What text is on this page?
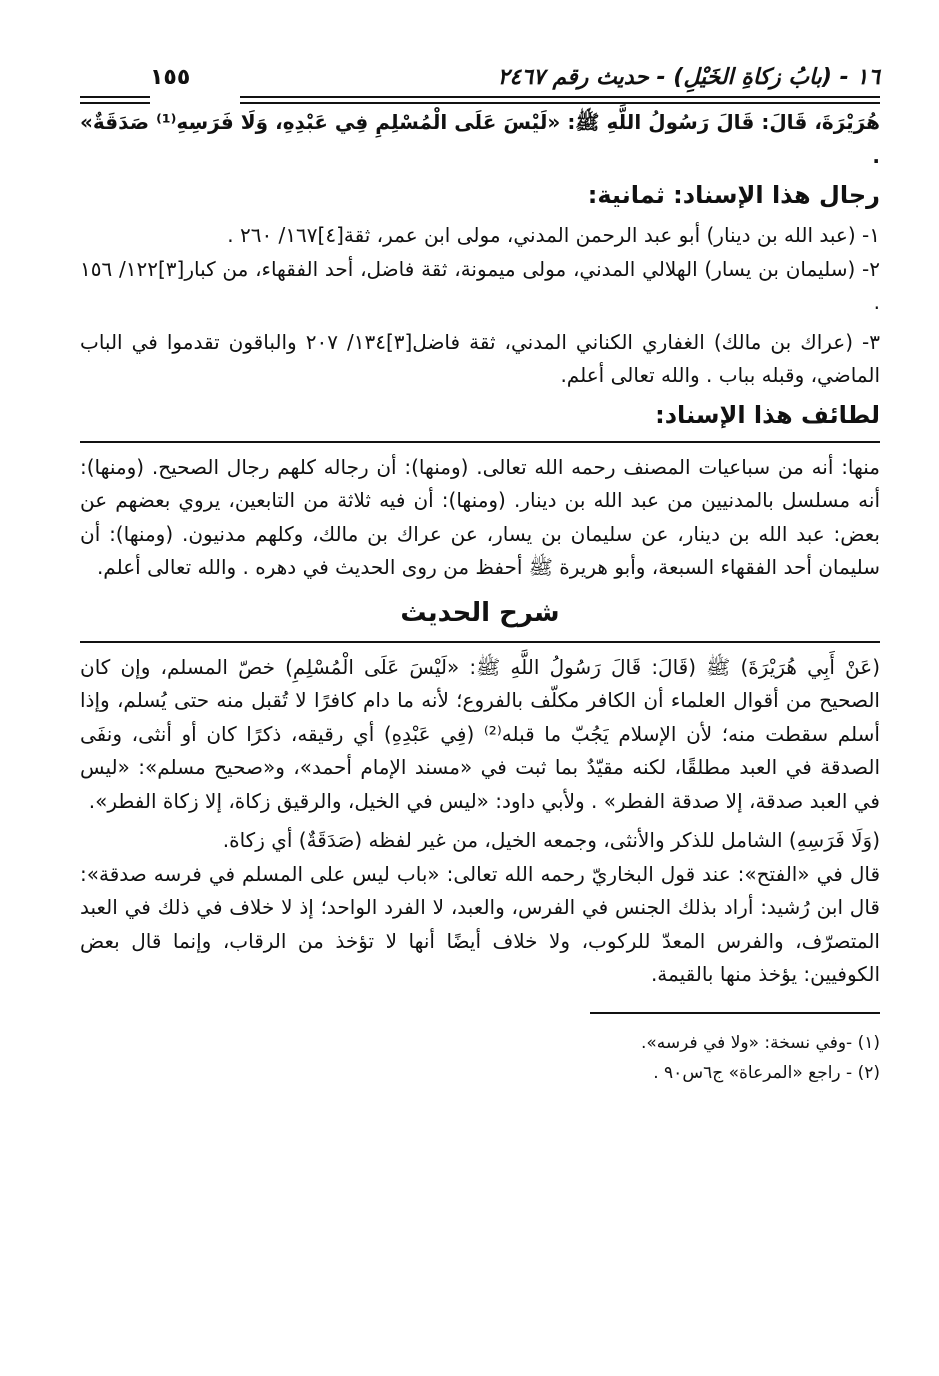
١٦ - (بابُ زكاةِ الخَيْلِ) - حديث رقم ٢٤٦٧
١٥٥

هُرَيْرَةَ، قَالَ: قَالَ رَسُولُ اللَّهِ ﷺ: «لَيْسَ عَلَى الْمُسْلِمِ فِي عَبْدِهِ، وَلَا فَرَسِهِ⁽¹⁾ صَدَقَةٌ» .

رجال هذا الإسناد: ثمانية:

١- (عبد الله بن دينار) أبو عبد الرحمن المدني، مولى ابن عمر، ثقة[٤]١٦٧/ ٢٦٠ .

٢- (سليمان بن يسار) الهلالي المدني، مولى ميمونة، ثقة فاضل، أحد الفقهاء، من كبار[٣]١٢٢/ ١٥٦ .

٣- (عراك بن مالك) الغفاري الكناني المدني، ثقة فاضل[٣]١٣٤/ ٢٠٧ والباقون تقدموا في الباب الماضي، وقبله بباب . والله تعالى أعلم.

لطائف هذا الإسناد:

منها: أنه من سباعيات المصنف رحمه الله تعالى. (ومنها): أن رجاله كلهم رجال الصحيح. (ومنها): أنه مسلسل بالمدنيين من عبد الله بن دينار. (ومنها): أن فيه ثلاثة من التابعين، يروي بعضهم عن بعض: عبد الله بن دينار، عن سليمان بن يسار، عن عراك بن مالك، وكلهم مدنيون. (ومنها): أن سليمان أحد الفقهاء السبعة، وأبو هريرة ﷺ أحفظ من روى الحديث في دهره . والله تعالى أعلم.

شرح الحديث

(عَنْ أَبِي هُرَيْرَةَ) ﷺ (قَالَ: قَالَ رَسُولُ اللَّهِ ﷺ: «لَيْسَ عَلَى الْمُسْلِمِ) خصّ المسلم، وإن كان الصحيح من أقوال العلماء أن الكافر مكلّف بالفروع؛ لأنه ما دام كافرًا لا تُقبل منه حتى يُسلم، وإذا أسلم سقطت منه؛ لأن الإسلام يَجُبّ ما قبله⁽²⁾ (فِي عَبْدِهِ) أي رقيقه، ذكرًا كان أو أنثى، ونفَى الصدقة في العبد مطلقًا، لكنه مقيّدٌ بما ثبت في «مسند الإمام أحمد»، و«صحيح مسلم»: «ليس في العبد صدقة، إلا صدقة الفطر» . ولأبي داود: «ليس في الخيل، والرقيق زكاة، إلا زكاة الفطر».

(وَلَا فَرَسِهِ) الشامل للذكر والأنثى، وجمعه الخيل، من غير لفظه (صَدَقَةٌ) أي زكاة.

قال في «الفتح»: عند قول البخاريّ رحمه الله تعالى: «باب ليس على المسلم في فرسه صدقة»: قال ابن رُشيد: أراد بذلك الجنس في الفرس، والعبد، لا الفرد الواحد؛ إذ لا خلاف في ذلك في العبد المتصرّف، والفرس المعدّ للركوب، ولا خلاف أيضًا أنها لا تؤخذ من الرقاب، وإنما قال بعض الكوفيين: يؤخذ منها بالقيمة.

(١) -وفي نسخة: «ولا في فرسه».

(٢) - راجع «المرعاة» ج٦س٩٠ .
